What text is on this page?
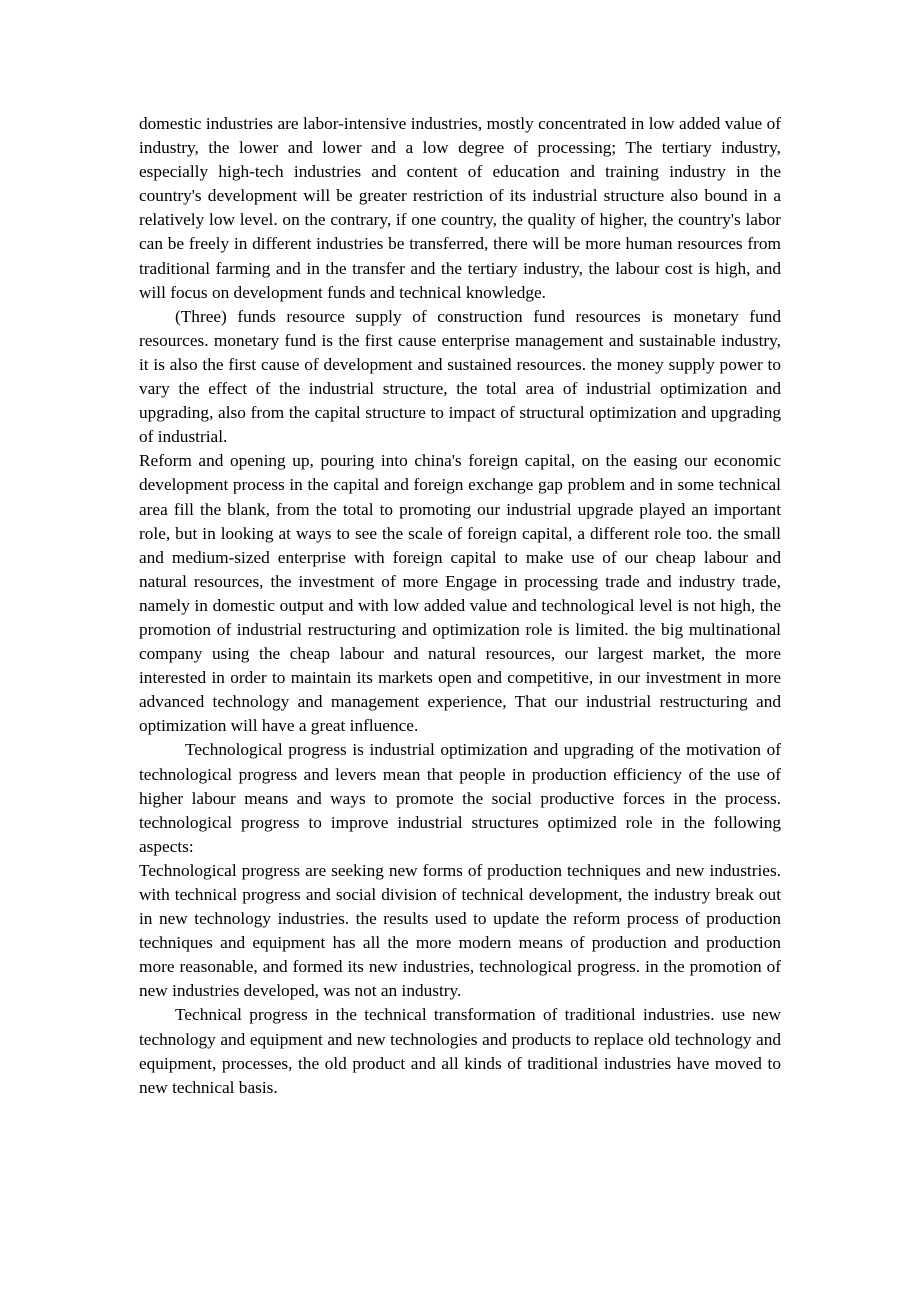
domestic industries are labor-intensive industries, mostly concentrated in low added value of industry, the lower and lower and a low degree of processing; The tertiary industry, especially high-tech industries and content of education and training industry in the country's development will be greater restriction of its industrial structure also bound in a relatively low level. on the contrary, if one country, the quality of higher, the country's labor can be freely in different industries be transferred, there will be more human resources from traditional farming and in the transfer and the tertiary industry, the labour cost is high, and will focus on development funds and technical knowledge.

(Three) funds resource supply of construction fund resources is monetary fund resources. monetary fund is the first cause enterprise management and sustainable industry, it is also the first cause of development and sustained resources. the money supply power to vary the effect of the industrial structure, the total area of industrial optimization and upgrading, also from the capital structure to impact of structural optimization and upgrading of industrial.

Reform and opening up, pouring into china's foreign capital, on the easing our economic development process in the capital and foreign exchange gap problem and in some technical area fill the blank, from the total to promoting our industrial upgrade played an important role, but in looking at ways to see the scale of foreign capital, a different role too. the small and medium-sized enterprise with foreign capital to make use of our cheap labour and natural resources, the investment of more Engage in processing trade and industry trade, namely in domestic output and with low added value and technological level is not high, the promotion of industrial restructuring and optimization role is limited. the big multinational company using the cheap labour and natural resources, our largest market, the more interested in order to maintain its markets open and competitive, in our investment in more advanced technology and management experience, That our industrial restructuring and optimization will have a great influence.

Technological progress is industrial optimization and upgrading of the motivation of technological progress and levers mean that people in production efficiency of the use of higher labour means and ways to promote the social productive forces in the process. technological progress to improve industrial structures optimized role in the following aspects:

Technological progress are seeking new forms of production techniques and new industries. with technical progress and social division of technical development, the industry break out in new technology industries. the results used to update the reform process of production techniques and equipment has all the more modern means of production and production more reasonable, and formed its new industries, technological progress. in the promotion of new industries developed, was not an industry.

Technical progress in the technical transformation of traditional industries. use new technology and equipment and new technologies and products to replace old technology and equipment, processes, the old product and all kinds of traditional industries have moved to new technical basis.
